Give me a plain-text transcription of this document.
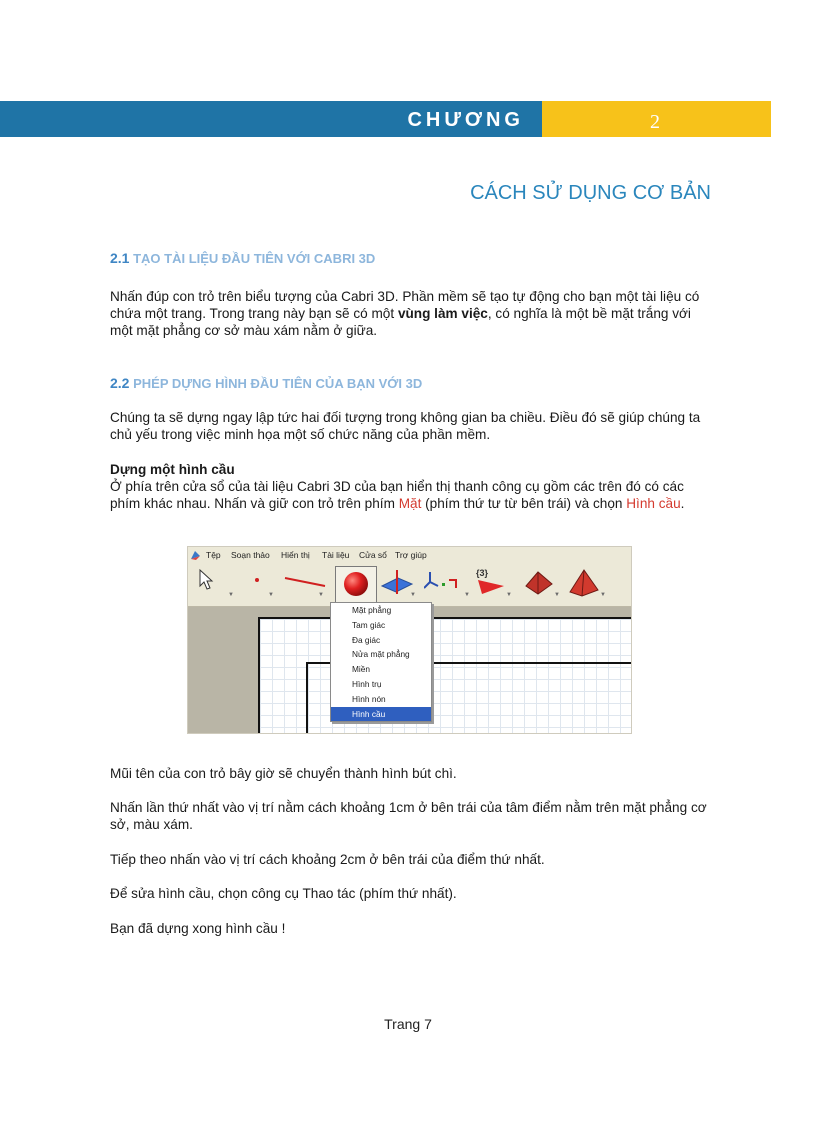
CHƯƠNG	2
CÁCH SỬ DỤNG CƠ BẢN
2.1 TẠO TÀI LIỆU ĐẦU TIÊN VỚI CABRI 3D

Nhấn đúp con trỏ trên biểu tượng của Cabri 3D. Phần mềm sẽ tạo tự động cho bạn một tài liệu có chứa một trang. Trong trang này bạn sẽ có một vùng làm việc, có nghĩa là một bề mặt trắng với một mặt phẳng cơ sở màu xám nằm ở giữa.

2.2 PHÉP DỰNG HÌNH ĐẦU TIÊN CỦA BẠN VỚI 3D

Chúng ta sẽ dựng ngay lập tức hai đối tượng trong không gian ba chiều. Điều đó sẽ giúp chúng ta chủ yếu trong việc minh họa một số chức năng của phần mềm.

Dựng một hình cầu

Ở phía trên cửa sổ của tài liệu Cabri 3D của bạn hiển thị thanh công cụ gồm các trên đó có các phím khác nhau. Nhấn và giữ con trỏ trên phím Mặt (phím thứ tư từ bên trái) và chọn Hình cầu.

Tệp Soạn thảo Hiển thị Tài liệu Cửa sổ Trợ giúp
▼	▼	▼	▼	▼
{3}
▼	▼	▼
Mặt phẳng
Tam giác
Đa giác
Nửa mặt phẳng
Miền
Hình trụ
Hình nón
Hình cầu

Mũi tên của con trỏ bây giờ sẽ chuyển thành hình bút chì.

Nhấn lần thứ nhất vào vị trí nằm cách khoảng 1cm ở bên trái của tâm điểm nằm trên mặt phẳng cơ sở, màu xám.

Tiếp theo nhấn vào vị trí cách khoảng 2cm ở bên trái của điểm thứ nhất.

Để sửa hình cầu, chọn công cụ Thao tác (phím thứ nhất).

Bạn đã dựng xong hình cầu !

Trang 7
